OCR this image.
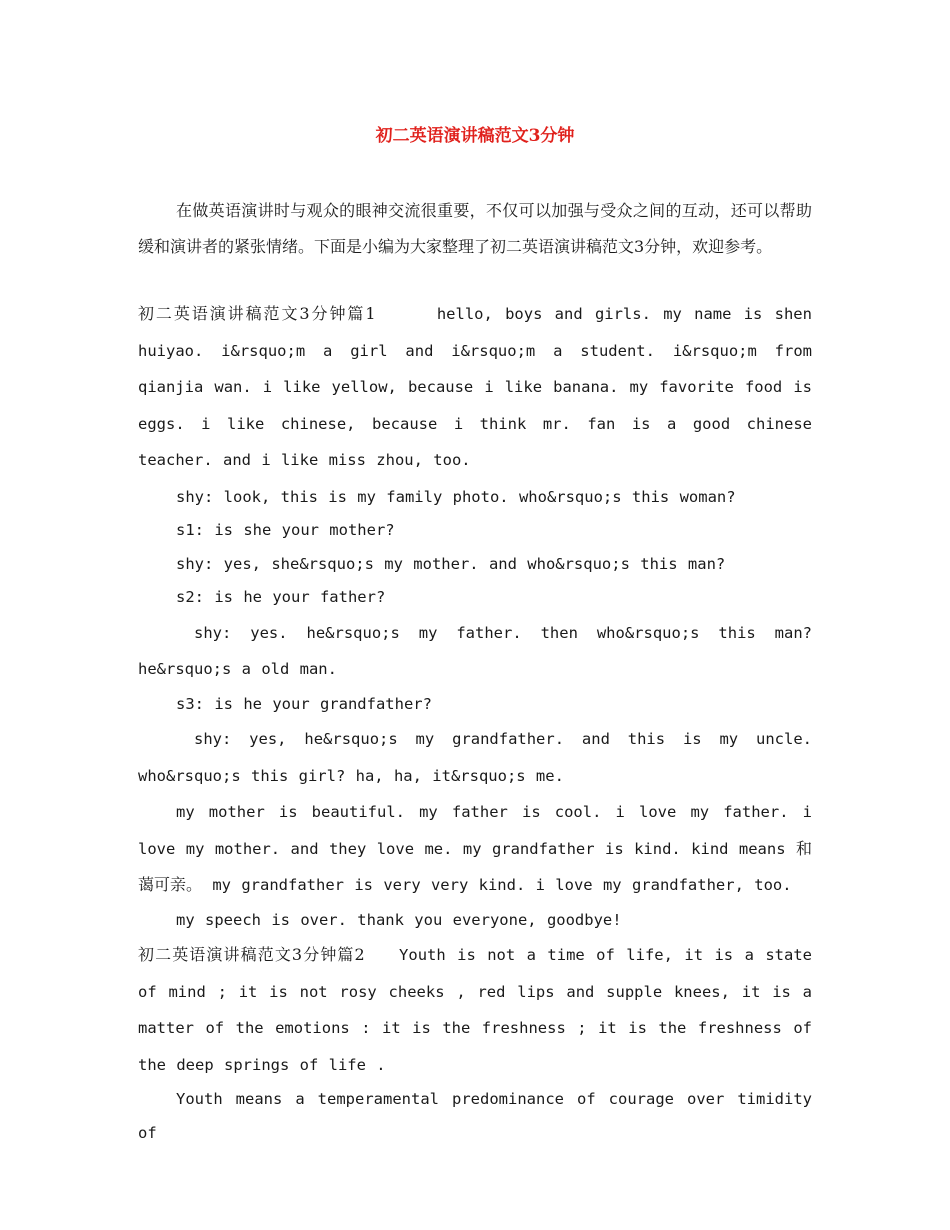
初二英语演讲稿范文3分钟

在做英语演讲时与观众的眼神交流很重要，不仅可以加强与受众之间的互动，还可以帮助缓和演讲者的紧张情绪。下面是小编为大家整理了初二英语演讲稿范文3分钟，欢迎参考。

初二英语演讲稿范文3分钟篇1	hello, boys and girls. my name is shen huiyao. i&rsquo;m a girl and i&rsquo;m a student. i&rsquo;m from qianjia wan. i like yellow, because i like banana. my favorite food is eggs. i like chinese, because i think mr. fan is a good chinese teacher. and i like miss zhou, too.

shy: look, this is my family photo. who&rsquo;s this woman?

s1: is she your mother?

shy: yes, she&rsquo;s my mother. and who&rsquo;s this man?

s2: is he your father?

shy: yes. he&rsquo;s my father. then who&rsquo;s this man? he&rsquo;s a old man.

s3: is he your grandfather?

shy: yes, he&rsquo;s my grandfather. and this is my uncle. who&rsquo;s this girl? ha, ha, it&rsquo;s me.

my mother is beautiful. my father is cool. i love my father. i love my mother. and they love me. my grandfather is kind. kind means 和蔼可亲。 my grandfather is very very kind. i love my grandfather, too.

my speech is over. thank you everyone, goodbye!

初二英语演讲稿范文3分钟篇2 Youth is not a time of life, it is a state of mind ; it is not rosy cheeks , red lips and supple knees, it is a matter of the emotions : it is the freshness ; it is the freshness of the deep springs of life .

Youth means a temperamental predominance of courage over timidity of
